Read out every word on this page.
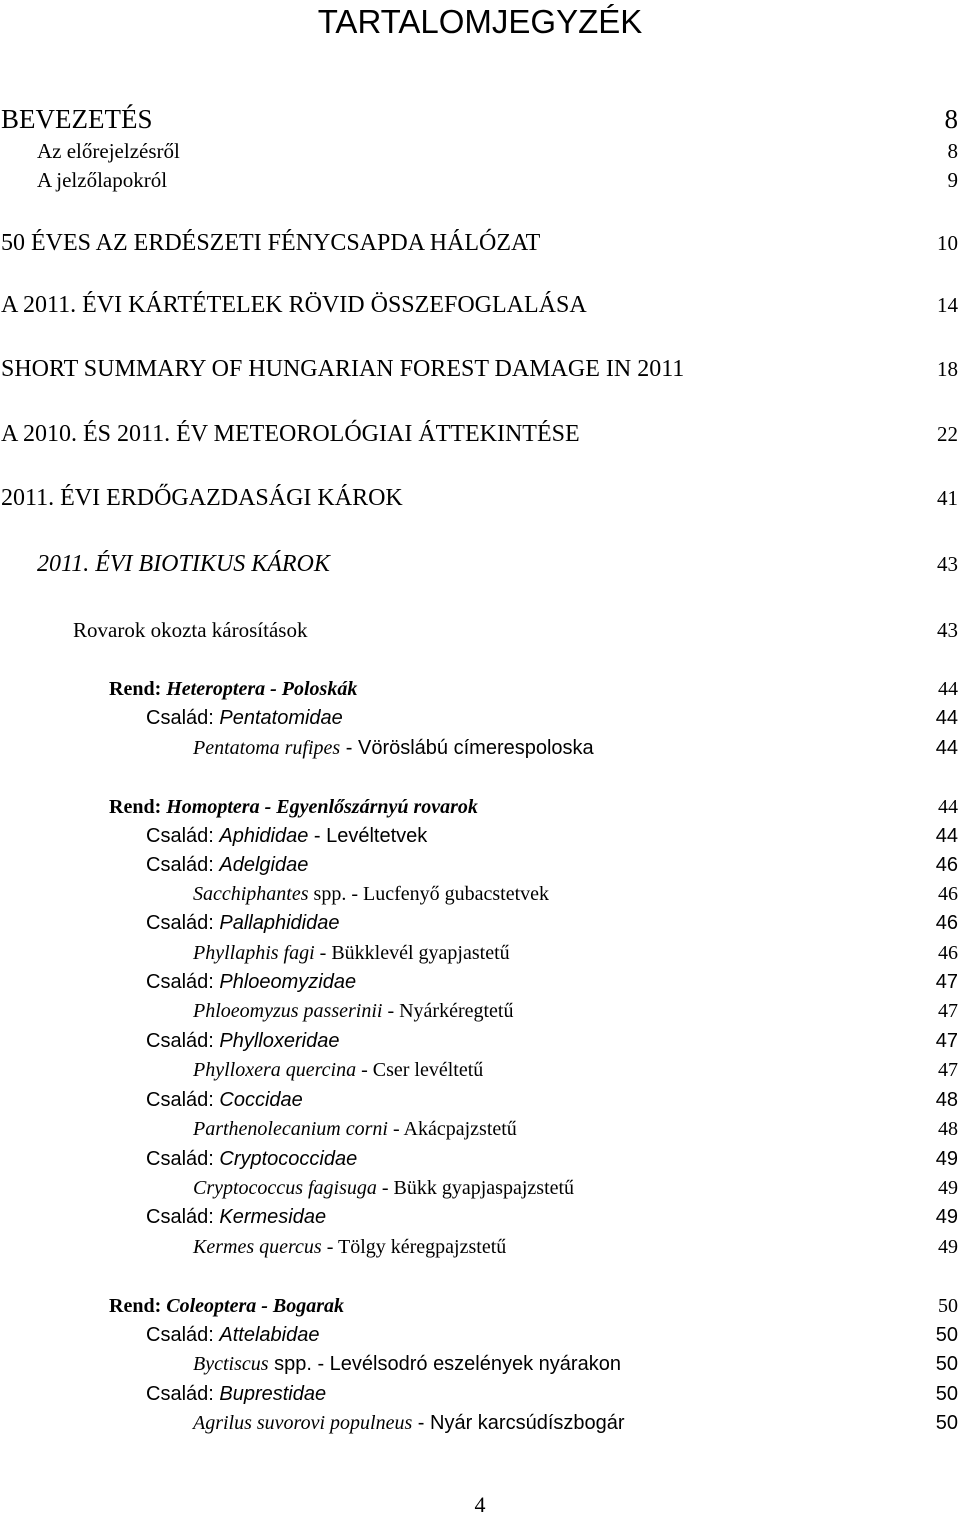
TARTALOMJEGYZÉK
BEVEZETÉS	8
Az előrejelzésről	8
A jelzőlapokról	9
50 ÉVES AZ ERDÉSZETI FÉNYCSAPDA HÁLÓZAT	10
A 2011. ÉVI KÁRTÉTELEK RÖVID ÖSSZEFOGLALÁSA	14
SHORT SUMMARY OF HUNGARIAN FOREST DAMAGE IN 2011	18
A 2010. ÉS 2011. ÉV METEOROLÓGIAI ÁTTEKINTÉSE	22
2011. ÉVI ERDŐGAZDASÁGI KÁROK	41
2011. ÉVI BIOTIKUS KÁROK	43
Rovarok okozta károsítások	43
Rend: Heteroptera - Poloskák	44
Család: Pentatomidae	44
Pentatoma rufipes - Vöröslábú címerespoloska	44
Rend: Homoptera - Egyenlőszárnyú rovarok	44
Család: Aphididae - Levéltetvek	44
Család: Adelgidae	46
Sacchiphantes spp. - Lucfenyő gubacstetvek	46
Család: Pallaphididae	46
Phyllaphis fagi - Bükklevél gyapjastetű	46
Család: Phloeomyzidae	47
Phloeomyzus passerinii - Nyárkéregtetű	47
Család: Phylloxeridae	47
Phylloxera quercina - Cser levéltetű	47
Család: Coccidae	48
Parthenolecanium corni - Akácpajzstetű	48
Család: Cryptococcidae	49
Cryptococcus fagisuga - Bükk gyapjaspajzstetű	49
Család: Kermesidae	49
Kermes quercus - Tölgy kéregpajzstetű	49
Rend: Coleoptera - Bogarak	50
Család: Attelabidae	50
Byctiscus spp. - Levélsodró eszelények nyárakon	50
Család: Buprestidae	50
Agrilus suvorovi populneus - Nyár karcsúdíszbogár	50
4
